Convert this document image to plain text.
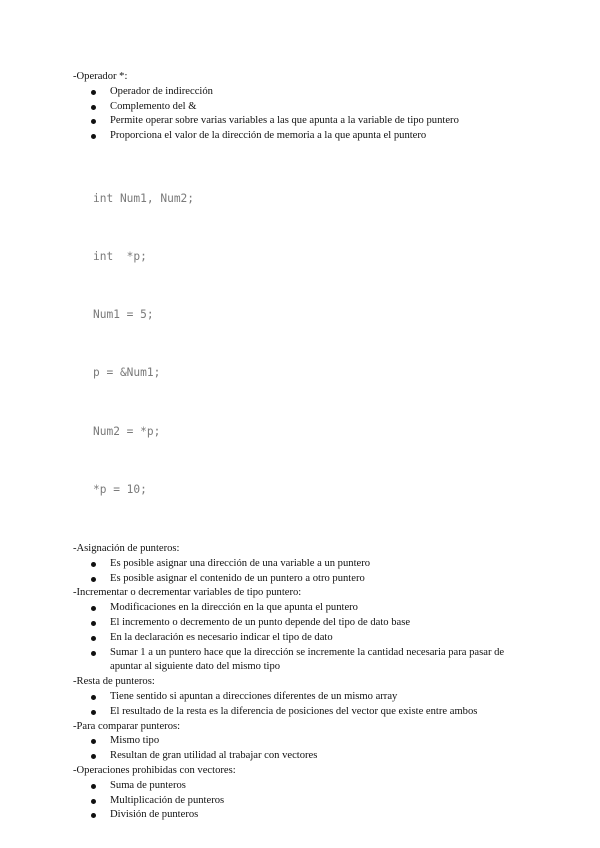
-Operador *:

Operador de indirección
Complemento del &
Permite operar sobre varias variables a las que apunta a la variable de tipo puntero
Proporciona el valor de la dirección de memoria a la que apunta el puntero

int Num1, Num2;

int  *p;

Num1 = 5;

p = &Num1;

Num2 = *p;

*p = 10;

-Asignación de punteros:

Es posible asignar una dirección de una variable a un puntero
Es posible asignar el contenido de un puntero a otro puntero

-Incrementar o decrementar variables de tipo puntero:

Modificaciones en la dirección en la que apunta el puntero
El incremento o decremento de un punto depende del tipo de dato base
En la declaración es necesario indicar el tipo de dato
Sumar 1 a un puntero hace que la dirección se incremente la cantidad necesaria para pasar de apuntar al siguiente dato del mismo tipo

-Resta de punteros:

Tiene sentido si apuntan a direcciones diferentes de un mismo array
El resultado de la resta es la diferencia de posiciones del vector que existe entre ambos

-Para comparar punteros:

Mismo tipo
Resultan de gran utilidad al trabajar con vectores

-Operaciones prohibidas con vectores:

Suma de punteros
Multiplicación de punteros
División de punteros
